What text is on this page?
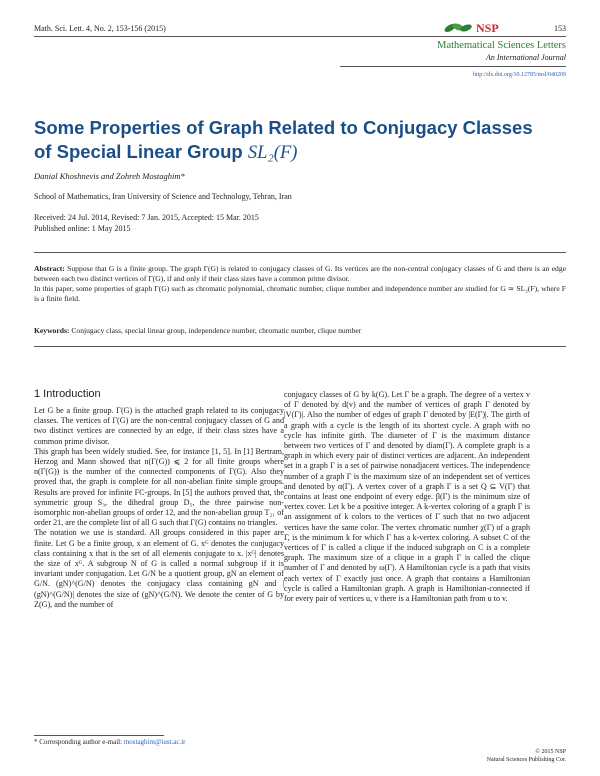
Math. Sci. Lett. 4, No. 2, 153-156 (2015)	NSP	153
Mathematical Sciences Letters
An International Journal
http://dx.doi.org/10.12785/msl/040209
Some Properties of Graph Related to Conjugacy Classes of Special Linear Group SL₂(F)
Danial Khoshnevis and Zohreh Mostaghim*
School of Mathematics, Iran University of Science and Technology, Tehran, Iran
Received: 24 Jul. 2014, Revised: 7 Jan. 2015, Accepted: 15 Mar. 2015
Published online: 1 May 2015

Abstract: Suppose that G is a finite group. The graph Γ(G) is related to conjugacy classes of G. Its vertices are the non-central conjugacy classes of G and there is an edge between each two distinct vertices of Γ(G), if and only if their class sizes have a common prime divisor.

In this paper, some properties of graph Γ(G) such as chromatic polynomial, chromatic number, clique number and independence number are studied for G ≃ SL₂(F), where F is a finite field.

Keywords: Conjugacy class, special linear group, independence number, chromatic number, clique number
1 Introduction

Let G be a finite group. Γ(G) is the attached graph related to its conjugacy classes. The vertices of Γ(G) are the non-central conjugacy classes of G and two distinct vertices are connected by an edge, if their class sizes have a common prime divisor.

This graph has been widely studied. See, for instance [1, 5]. In [1] Bertram, Herzog and Mann showed that n(Γ(G)) ⩽ 2 for all finite groups where n(Γ(G)) is the number of the connected components of Γ(G). Also they proved that, the graph is complete for all non-abelian finite simple groups. Results are proved for infinite FC-groups. In [5] the authors proved that, the symmetric group S₃, the dihedral group D₅, the three pairwise non-isomorphic non-abelian groups of order 12, and the non-abelian group T₂₁ of order 21, are the complete list of all G such that Γ(G) contains no triangles.

The notation we use is standard. All groups considered in this paper are finite. Let G be a finite group, x an element of G. xᴳ denotes the conjugacy class containing x that is the set of all elements conjugate to x. |xᴳ| denotes the size of xᴳ. A subgroup N of G is called a normal subgroup if it is invariant under conjugation. Let G/N be a quotient group, gN an element of G/N. (gN)^(G/N) denotes the conjugacy class containing gN and |(gN)^(G/N)| denotes the size of (gN)^(G/N). We denote the center of G by Z(G), and the number of

conjugacy classes of G by k(G). Let Γ be a graph. The degree of a vertex v of Γ denoted by d(v) and the number of vertices of graph Γ denoted by |V(Γ)|. Also the number of edges of graph Γ denoted by |E(Γ)|. The girth of a graph with a cycle is the length of its shortest cycle. A graph with no cycle has infinite girth. The diameter of Γ is the maximum distance between two vertices of Γ and denoted by diam(Γ). A complete graph is a graph in which every pair of distinct vertices are adjacent. An independent set in a graph Γ is a set of pairwise nonadjacent vertices. The independence number of a graph Γ is the maximum size of an independent set of vertices and denoted by α(Γ). A vertex cover of a graph Γ is a set Q ⊆ V(Γ) that contains at least one endpoint of every edge. β(Γ) is the minimum size of vertex cover. Let k be a positive integer. A k-vertex coloring of a graph Γ is an assignment of k colors to the vertices of Γ such that no two adjacent vertices have the same color. The vertex chromatic number χ(Γ) of a graph Γ, is the minimum k for which Γ has a k-vertex coloring. A subset C of the vertices of Γ is called a clique if the induced subgraph on C is a complete graph. The maximum size of a clique in a graph Γ is called the clique number of Γ and denoted by ω(Γ). A Hamiltonian cycle is a path that visits each vertex of Γ exactly just once. A graph that contains a Hamiltonian cycle is called a Hamiltonian graph. A graph is Hamiltonian-connected if for every pair of vertices u, v there is a Hamiltonian path from u to v.

* Corresponding author e-mail: mostaghim@iust.ac.ir
© 2015 NSP
Natural Sciences Publishing Cor.
